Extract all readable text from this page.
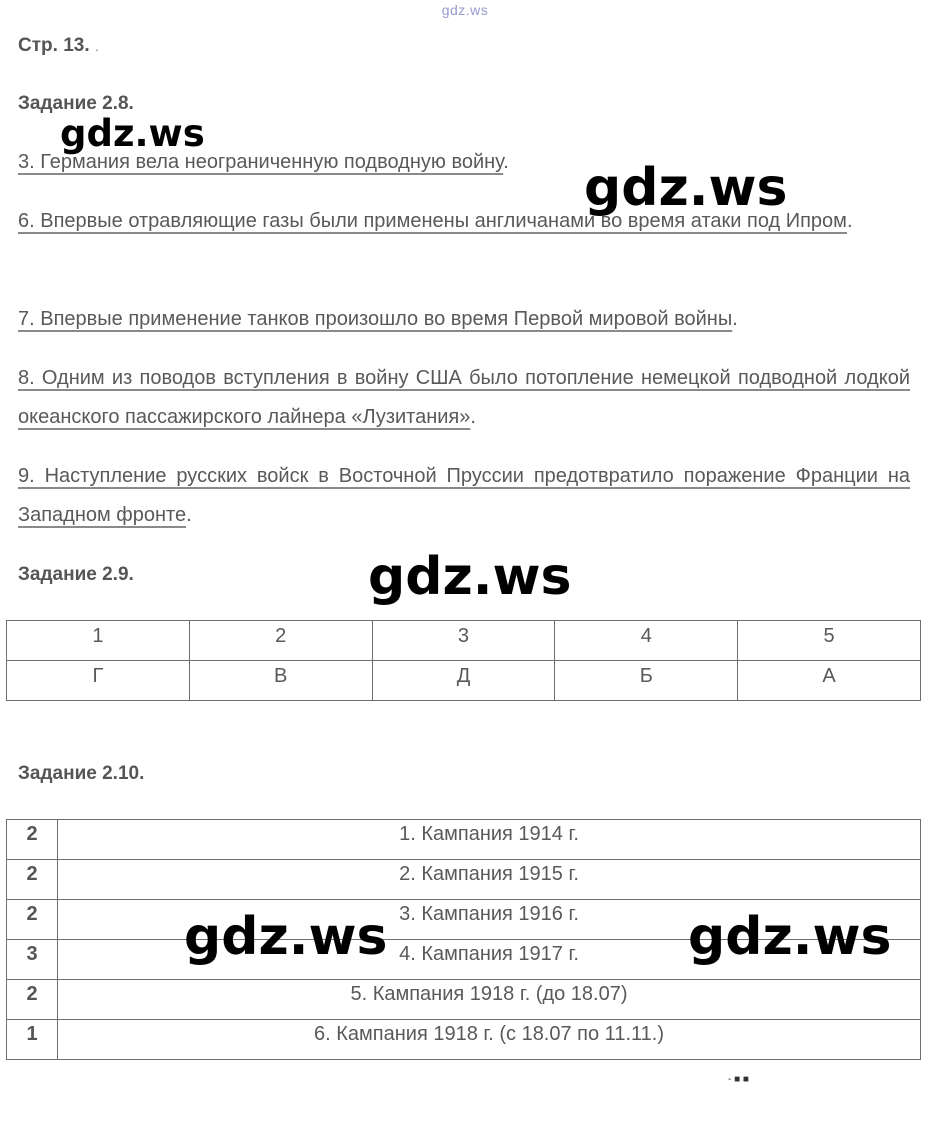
gdz.ws
Стр. 13. .
Задание 2.8.
3. Германия вела неограниченную подводную войну.
6. Впервые отравляющие газы были применены англичанами во время атаки под Ипром.
7. Впервые применение танков произошло во время Первой мировой войны.
8. Одним из поводов вступления в войну США было потопление немецкой подводной лодкой океанского пассажирского лайнера «Лузитания».
9. Наступление русских войск в Восточной Пруссии предотвратило поражение Франции на Западном фронте.
Задание 2.9.
1	2	3	4	5
Г	В	Д	Б	А
Задание 2.10.
2	1. Кампания 1914 г.
2	2. Кампания 1915 г.
2	3. Кампания 1916 г.
3	4. Кампания 1917 г.
2	5. Кампания 1918 г. (до 18.07)
1	6. Кампания 1918 г. (с 18.07 по 11.11.)
gdz.ws
gdz.ws
gdz.ws
gdz.ws	gdz.ws
- ■ ■
